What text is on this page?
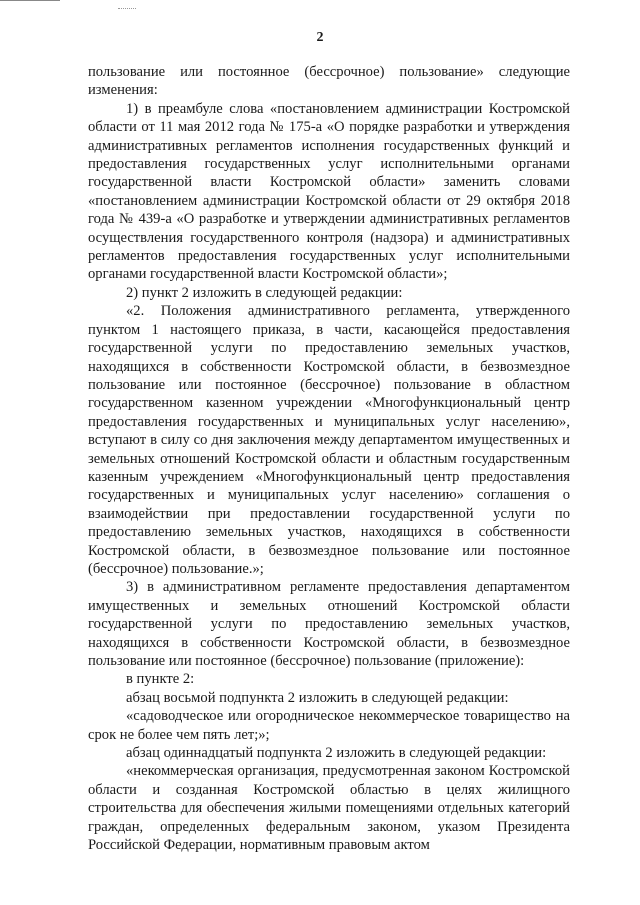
2

пользование или постоянное (бессрочное) пользование» следующие изменения:

1) в преамбуле слова «постановлением администрации Костромской области от 11 мая 2012 года № 175-а «О порядке разработки и утверждения административных регламентов исполнения государственных функций и предоставления государственных услуг исполнительными органами государственной власти Костромской области» заменить словами «постановлением администрации Костромской области от 29 октября 2018 года № 439-а «О разработке и утверждении административных регламентов осуществления государственного контроля (надзора) и административных регламентов предоставления государственных услуг исполнительными органами государственной власти Костромской области»;

2) пункт 2 изложить в следующей редакции:

«2. Положения административного регламента, утвержденного пунктом 1 настоящего приказа, в части, касающейся предоставления государственной услуги по предоставлению земельных участков, находящихся в собственности Костромской области, в безвозмездное пользование или постоянное (бессрочное) пользование в областном государственном казенном учреждении «Многофункциональный центр предоставления государственных и муниципальных услуг населению», вступают в силу со дня заключения между департаментом имущественных и земельных отношений Костромской области и областным государственным казенным учреждением «Многофункциональный центр предоставления государственных и муниципальных услуг населению» соглашения о взаимодействии при предоставлении государственной услуги по предоставлению земельных участков, находящихся в собственности Костромской области, в безвозмездное пользование или постоянное (бессрочное) пользование.»;

3) в административном регламенте предоставления департаментом имущественных и земельных отношений Костромской области государственной услуги по предоставлению земельных участков, находящихся в собственности Костромской области, в безвозмездное пользование или постоянное (бессрочное) пользование (приложение):

в пункте 2:

абзац восьмой подпункта 2 изложить в следующей редакции:

«садоводческое или огородническое некоммерческое товарищество на срок не более чем пять лет;»;

абзац одиннадцатый подпункта 2 изложить в следующей редакции:

«некоммерческая организация, предусмотренная законом Костромской области и созданная Костромской областью в целях жилищного строительства для обеспечения жилыми помещениями отдельных категорий граждан, определенных федеральным законом, указом Президента Российской Федерации, нормативным правовым актом
